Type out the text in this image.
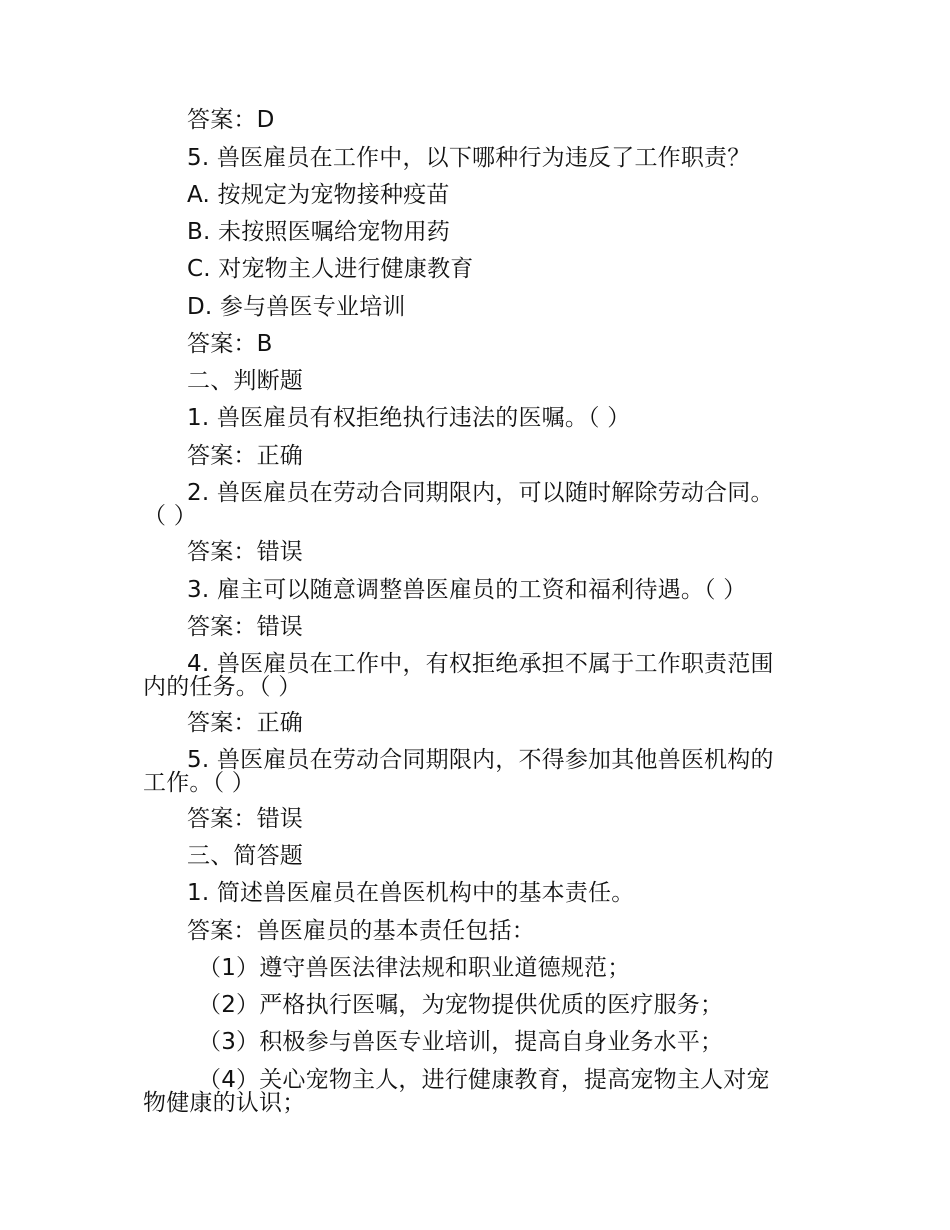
答案：D
5. 兽医雇员在工作中，以下哪种行为违反了工作职责？
A. 按规定为宠物接种疫苗
B. 未按照医嘱给宠物用药
C. 对宠物主人进行健康教育
D. 参与兽医专业培训
答案：B
二、判断题
1. 兽医雇员有权拒绝执行违法的医嘱。（ ）
答案：正确
2. 兽医雇员在劳动合同期限内，可以随时解除劳动合同。
（ ）
答案：错误
3. 雇主可以随意调整兽医雇员的工资和福利待遇。（ ）
答案：错误
4. 兽医雇员在工作中，有权拒绝承担不属于工作职责范围
内的任务。（ ）
答案：正确
5. 兽医雇员在劳动合同期限内，不得参加其他兽医机构的
工作。（ ）
答案：错误
三、简答题
1. 简述兽医雇员在兽医机构中的基本责任。
答案：兽医雇员的基本责任包括：
（1）遵守兽医法律法规和职业道德规范；
（2）严格执行医嘱，为宠物提供优质的医疗服务；
（3）积极参与兽医专业培训，提高自身业务水平；
（4）关心宠物主人，进行健康教育，提高宠物主人对宠
物健康的认识；
